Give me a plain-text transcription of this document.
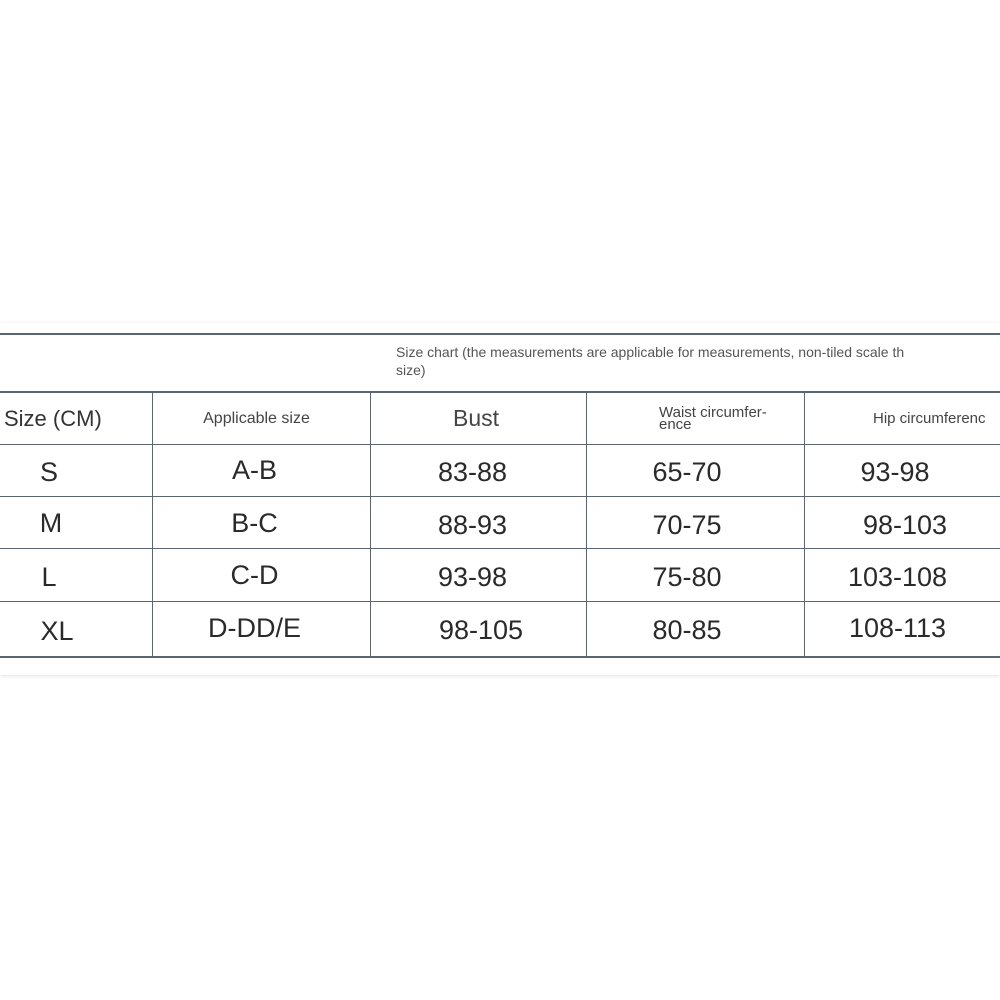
Size chart (the measurements are applicable for measurements, non-tiled scale th
size)
Size (CM)	Applicable size	Bust	Waist circumfer-
ence	Hip circumferenc
S	A-B	83-88	65-70	93-98
M	B-C	88-93	70-75	98-103
L	C-D	93-98	75-80	103-108
XL	D-DD/E	98-105	80-85	108-113
